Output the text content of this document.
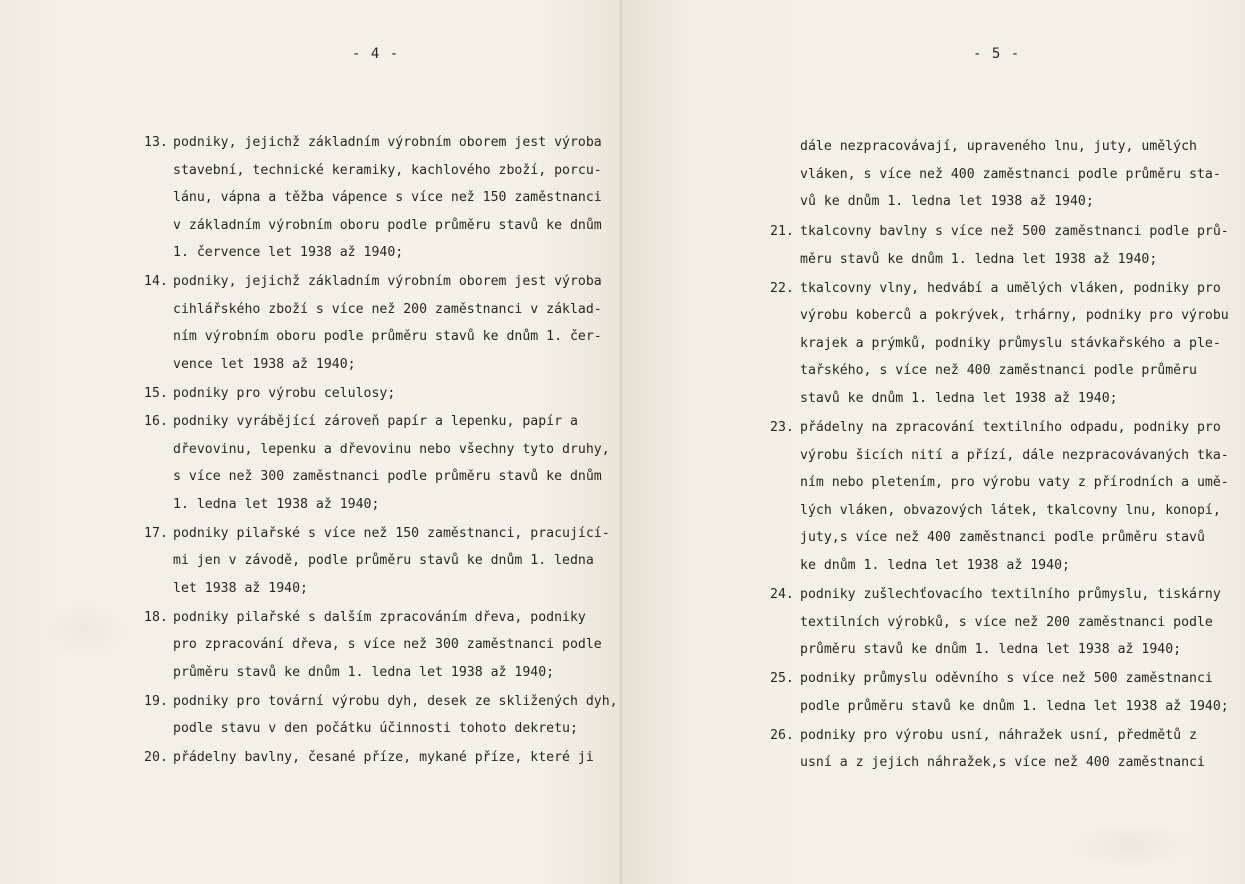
- 4 -
13. podniky, jejichž základním výrobním oborem jest výroba
stavební, technické keramiky, kachlového zboží, porcu-
lánu, vápna a těžba vápence s více než 150 zaměstnanci
v základním výrobním oboru podle průměru stavů ke dnům
1. července let 1938 až 1940;
14. podniky, jejichž základním výrobním oborem jest výroba
cihlářského zboží s více než 200 zaměstnanci v základ-
ním výrobním oboru podle průměru stavů ke dnům 1. čer-
vence let 1938 až 1940;
15. podniky pro výrobu celulosy;
16. podniky vyrábějící zároveň papír a lepenku, papír a
dřevovinu, lepenku a dřevovinu nebo všechny tyto druhy,
s více než 300 zaměstnanci podle průměru stavů ke dnům
1. ledna let 1938 až 1940;
17. podniky pilařské s více než 150 zaměstnanci, pracující-
mi jen v závodě, podle průměru stavů ke dnům 1. ledna
let 1938 až 1940;
18. podniky pilařské s dalším zpracováním dřeva, podniky
pro zpracování dřeva, s více než 300 zaměstnanci podle
průměru stavů ke dnům 1. ledna let 1938 až 1940;
19. podniky pro tovární výrobu dyh, desek ze skližených dyh,
podle stavu v den počátku účinnosti tohoto dekretu;
20. přádelny bavlny, česané příze, mykané příze, které ji
- 5 -
dále nezpracovávají, upraveného lnu, juty, umělých
vláken, s více než 400 zaměstnanci podle průměru sta-
vů ke dnům 1. ledna let 1938 až 1940;
21. tkalcovny bavlny s více než 500 zaměstnanci podle prů-
měru stavů ke dnům 1. ledna let 1938 až 1940;
22. tkalcovny vlny, hedvábí a umělých vláken, podniky pro
výrobu koberců a pokrývek, trhárny, podniky pro výrobu
krajek a prýmků, podniky průmyslu stávkařského a ple-
tařského, s více než 400 zaměstnanci podle průměru
stavů ke dnům 1. ledna let 1938 až 1940;
23. přádelny na zpracování textilního odpadu, podniky pro
výrobu šicích nití a přízí, dále nezpracovávaných tka-
ním nebo pletením, pro výrobu vaty z přírodních a umě-
lých vláken, obvazových látek, tkalcovny lnu, konopí,
juty,s více než 400 zaměstnanci podle průměru stavů
ke dnům 1. ledna let 1938 až 1940;
24. podniky zušlechťovacího textilního průmyslu, tiskárny
textilních výrobků, s více než 200 zaměstnanci podle
průměru stavů ke dnům 1. ledna let 1938 až 1940;
25. podniky průmyslu oděvního s více než 500 zaměstnanci
podle průměru stavů ke dnům 1. ledna let 1938 až 1940;
26. podniky pro výrobu usní, náhražek usní, předmětů z
usní a z jejich náhražek,s více než 400 zaměstnanci
